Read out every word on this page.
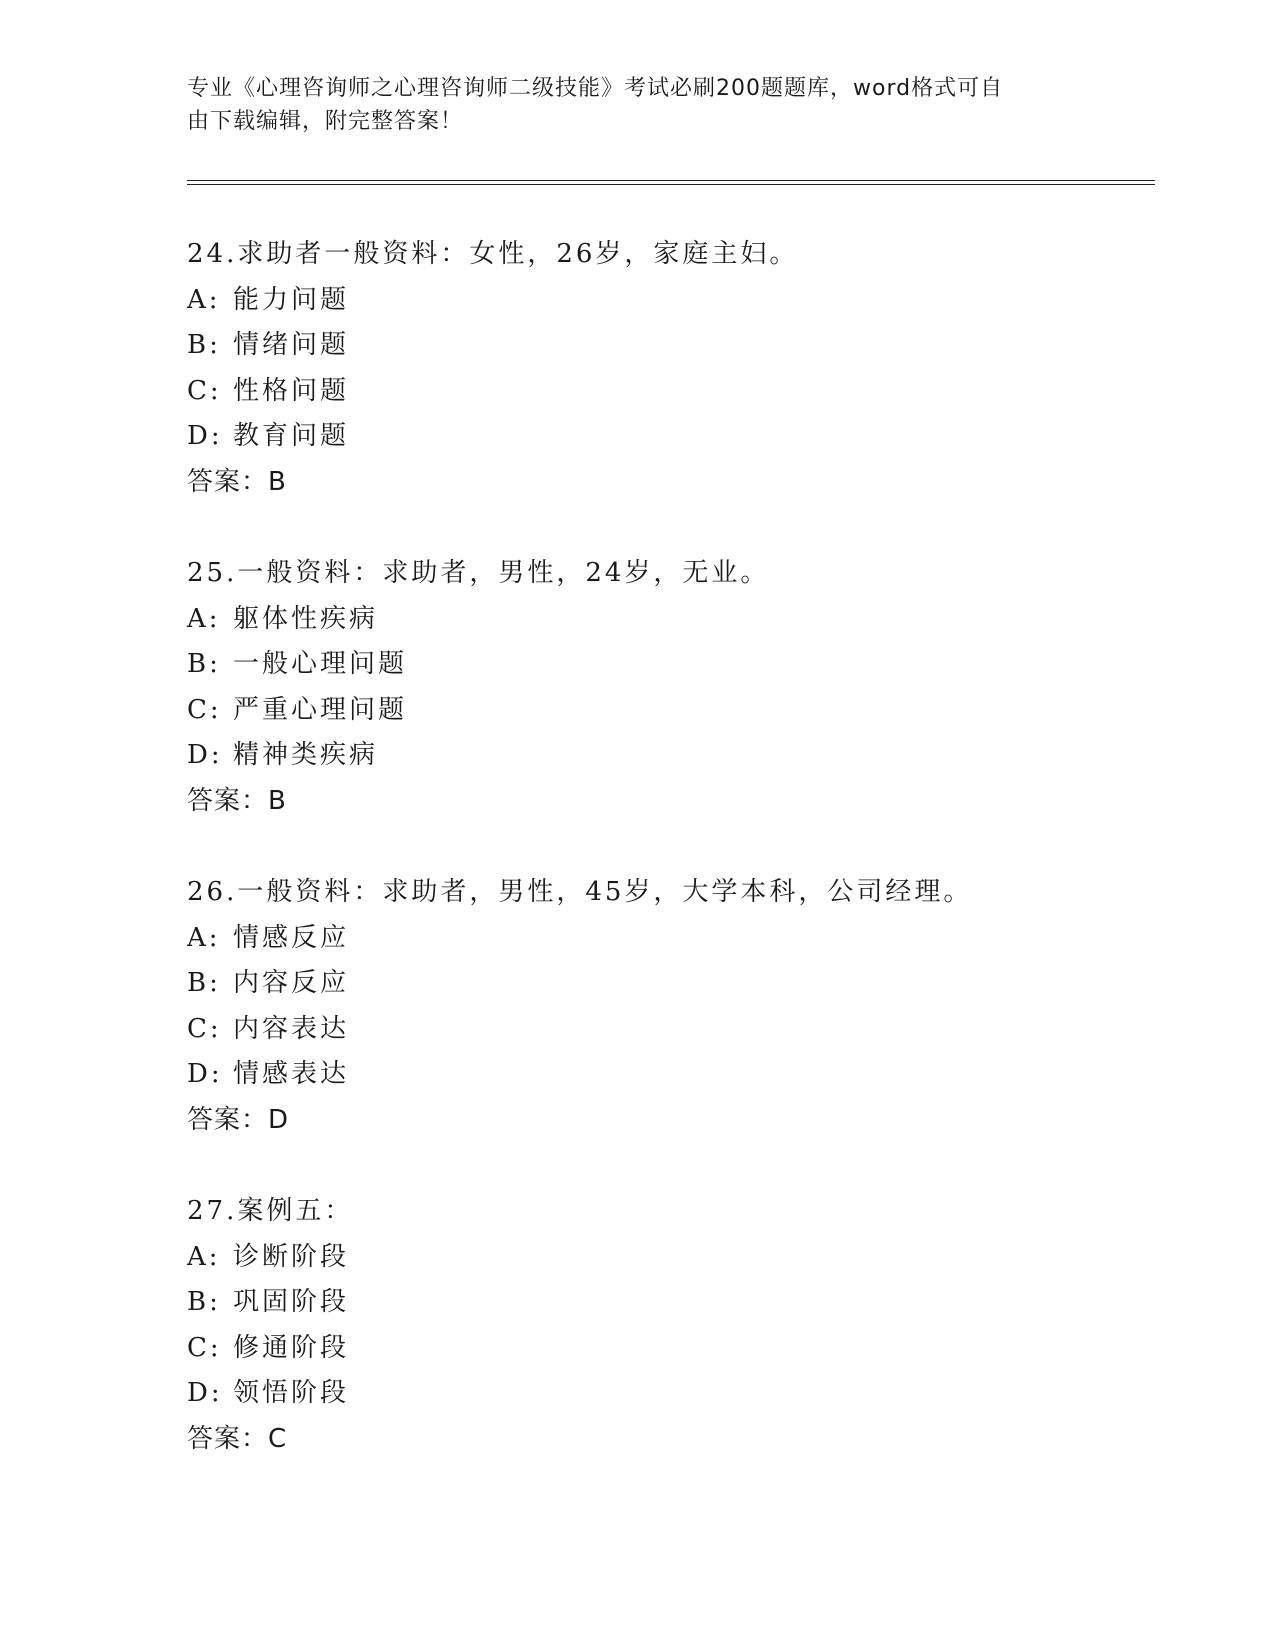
专业《心理咨询师之心理咨询师二级技能》考试必刷200题题库，word格式可自
由下载编辑，附完整答案！
24.求助者一般资料：女性，26岁，家庭主妇。
A: 能力问题
B: 情绪问题
C: 性格问题
D: 教育问题
答案：B
25.一般资料：求助者，男性，24岁，无业。
A: 躯体性疾病
B: 一般心理问题
C: 严重心理问题
D: 精神类疾病
答案：B
26.一般资料：求助者，男性，45岁，大学本科，公司经理。
A: 情感反应
B: 内容反应
C: 内容表达
D: 情感表达
答案：D
27.案例五：
A: 诊断阶段
B: 巩固阶段
C: 修通阶段
D: 领悟阶段
答案：C
